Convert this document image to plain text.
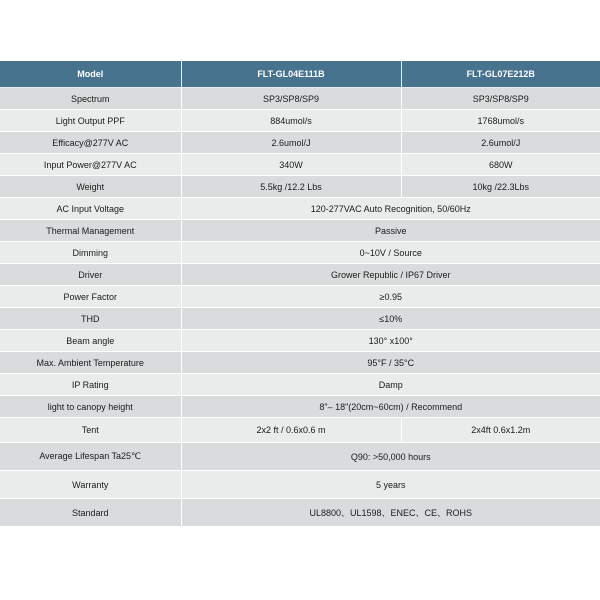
Model	FLT-GL04E111B	FLT-GL07E212B
Spectrum	SP3/SP8/SP9	SP3/SP8/SP9
Light Output PPF	884umol/s	1768umol/s
Efficacy@277V AC	2.6umol/J	2.6umol/J
Input Power@277V AC	340W	680W
Weight	5.5kg /12.2 Lbs	10kg /22.3Lbs
AC Input Voltage	120-277VAC Auto Recognition, 50/60Hz	
Thermal Management	Passive	
Dimming	0~10V / Source	
Driver	Grower Republic / IP67 Driver	
Power Factor	≥0.95	
THD	≤10%	
Beam angle	130° x100°	
Max. Ambient Temperature	95°F / 35°C	
IP Rating	Damp	
light to canopy height	8"– 18"(20cm~60cm) / Recommend	
Tent	2x2 ft / 0.6x0.6 m	2x4ft 0.6x1.2m
Average Lifespan Ta25℃	Q90: >50,000 hours	
Warranty	5 years	
Standard	UL8800、UL1598、ENEC、CE、ROHS	
